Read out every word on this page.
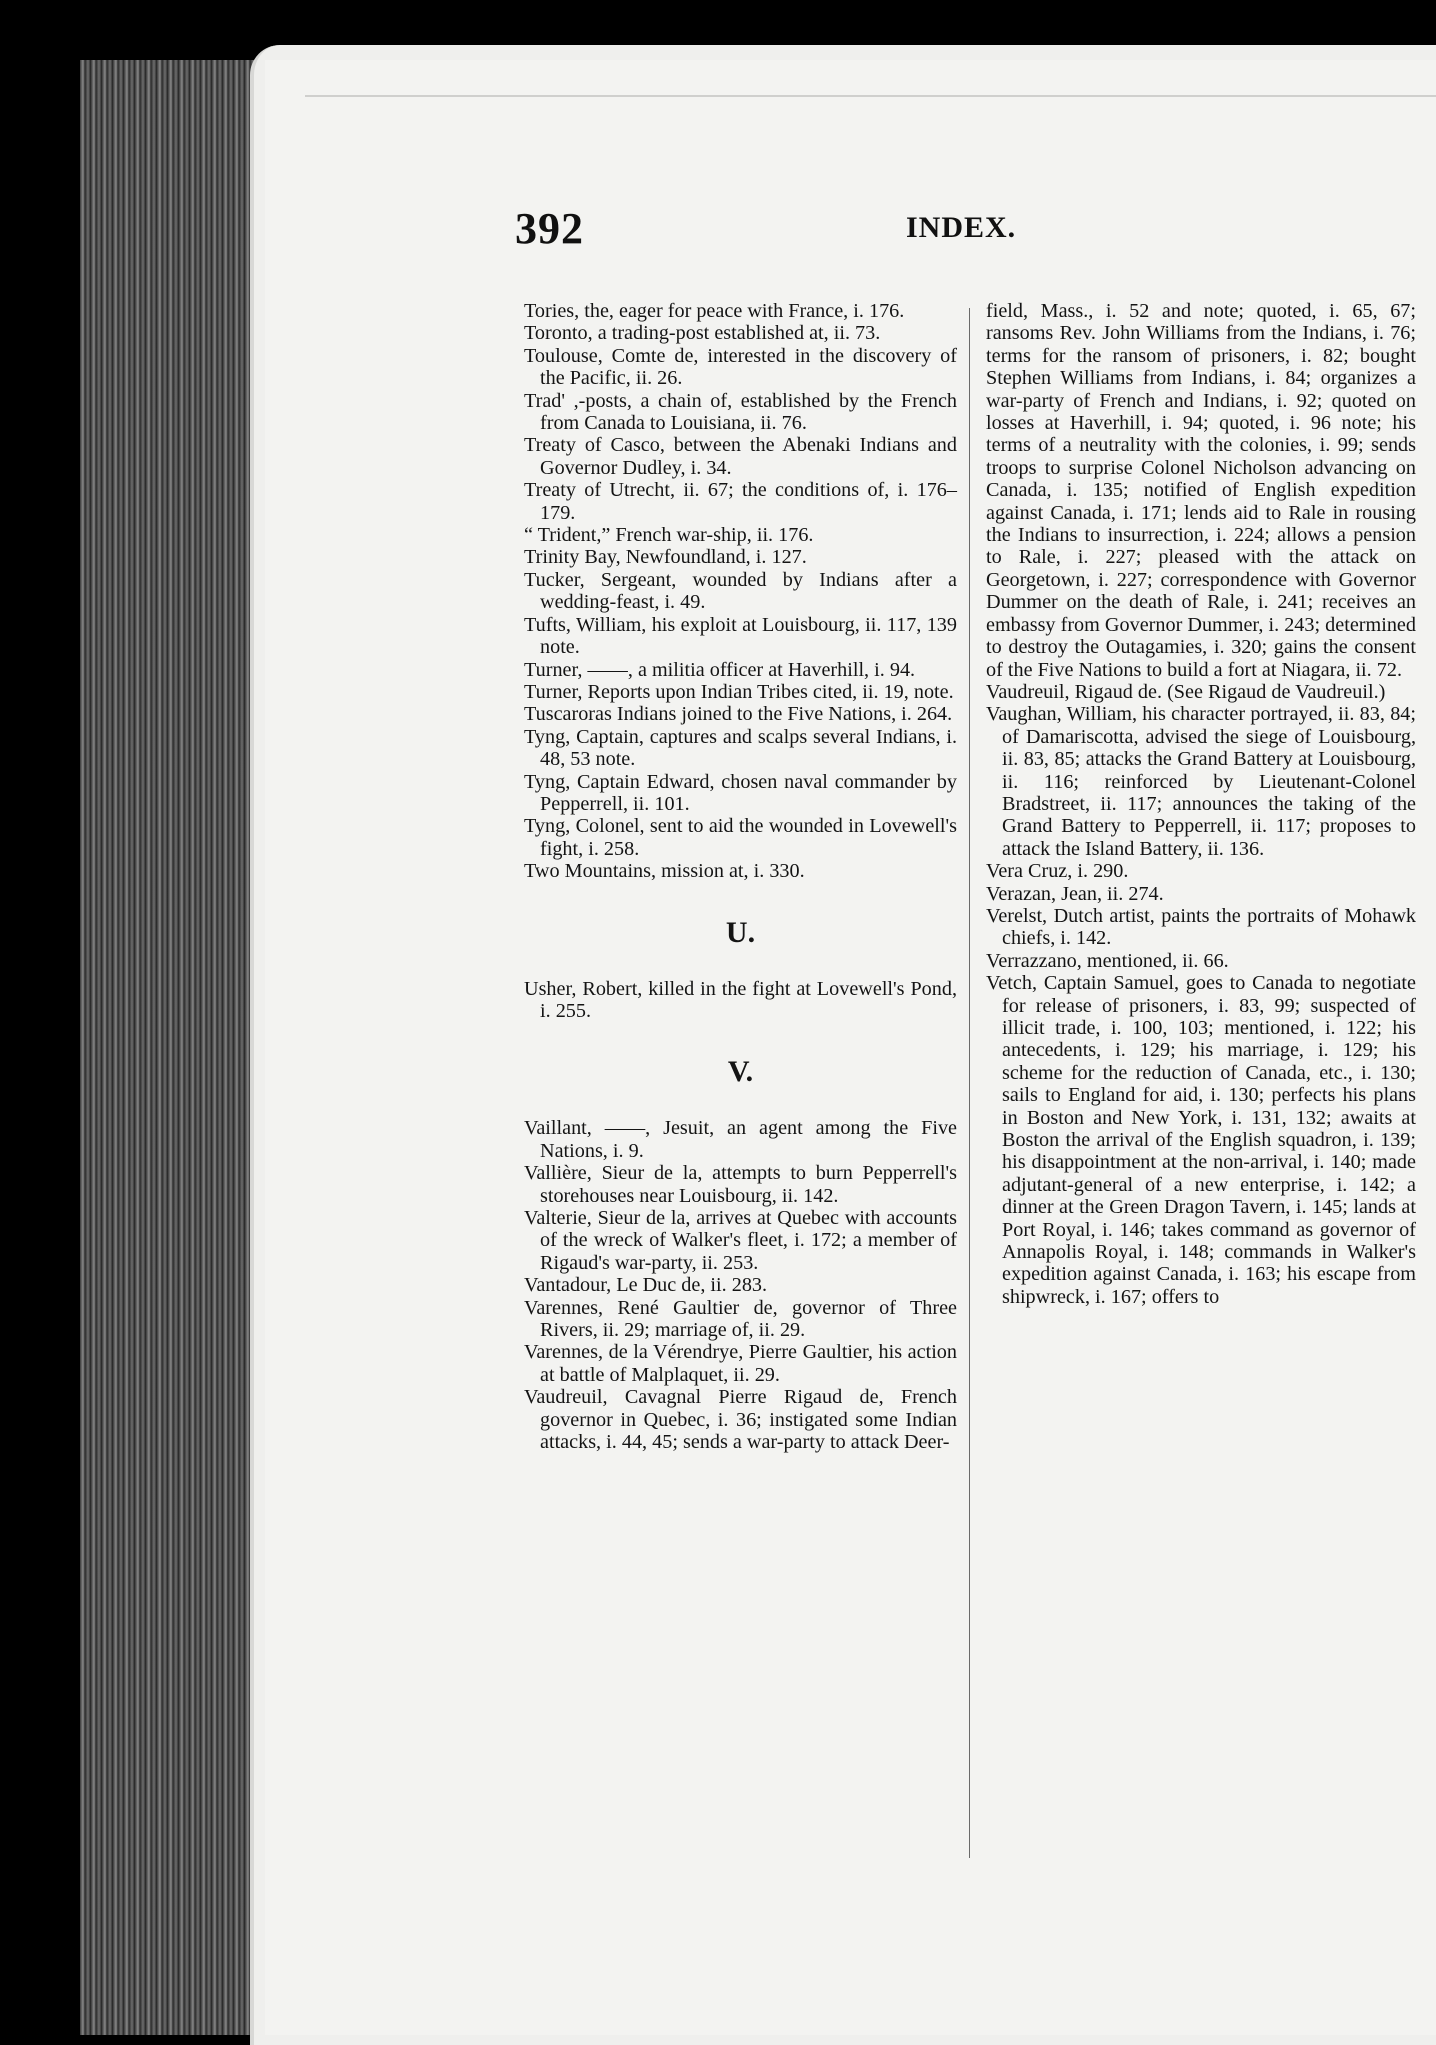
392	INDEX.

Tories, the, eager for peace with France, i. 176.

Toronto, a trading-post established at, ii. 73.

Toulouse, Comte de, interested in the discovery of the Pacific, ii. 26.

Trad' ,-posts, a chain of, established by the French from Canada to Louisiana, ii. 76.

Treaty of Casco, between the Abenaki Indians and Governor Dudley, i. 34.

Treaty of Utrecht, ii. 67; the conditions of, i. 176–179.

“ Trident,” French war-ship, ii. 176.

Trinity Bay, Newfoundland, i. 127.

Tucker, Sergeant, wounded by Indians after a wedding-feast, i. 49.

Tufts, William, his exploit at Louisbourg, ii. 117, 139 note.

Turner, ——, a militia officer at Haverhill, i. 94.

Turner, Reports upon Indian Tribes cited, ii. 19, note.

Tuscaroras Indians joined to the Five Nations, i. 264.

Tyng, Captain, captures and scalps several Indians, i. 48, 53 note.

Tyng, Captain Edward, chosen naval commander by Pepperrell, ii. 101.

Tyng, Colonel, sent to aid the wounded in Lovewell's fight, i. 258.

Two Mountains, mission at, i. 330.

U.

Usher, Robert, killed in the fight at Lovewell's Pond, i. 255.

V.

Vaillant, ——, Jesuit, an agent among the Five Nations, i. 9.

Vallière, Sieur de la, attempts to burn Pepperrell's storehouses near Louisbourg, ii. 142.

Valterie, Sieur de la, arrives at Quebec with accounts of the wreck of Walker's fleet, i. 172; a member of Rigaud's war-party, ii. 253.

Vantadour, Le Duc de, ii. 283.

Varennes, René Gaultier de, governor of Three Rivers, ii. 29; marriage of, ii. 29.

Varennes, de la Vérendrye, Pierre Gaultier, his action at battle of Malplaquet, ii. 29.

Vaudreuil, Cavagnal Pierre Rigaud de, French governor in Quebec, i. 36; instigated some Indian attacks, i. 44, 45; sends a war-party to attack Deer-

field, Mass., i. 52 and note; quoted, i. 65, 67; ransoms Rev. John Williams from the Indians, i. 76; terms for the ransom of prisoners, i. 82; bought Stephen Williams from Indians, i. 84; organizes a war-party of French and Indians, i. 92; quoted on losses at Haverhill, i. 94; quoted, i. 96 note; his terms of a neutrality with the colonies, i. 99; sends troops to surprise Colonel Nicholson advancing on Canada, i. 135; notified of English expedition against Canada, i. 171; lends aid to Rale in rousing the Indians to insurrection, i. 224; allows a pension to Rale, i. 227; pleased with the attack on Georgetown, i. 227; correspondence with Governor Dummer on the death of Rale, i. 241; receives an embassy from Governor Dummer, i. 243; determined to destroy the Outagamies, i. 320; gains the consent of the Five Nations to build a fort at Niagara, ii. 72.

Vaudreuil, Rigaud de. (See Rigaud de Vaudreuil.)

Vaughan, William, his character portrayed, ii. 83, 84; of Damariscotta, advised the siege of Louisbourg, ii. 83, 85; attacks the Grand Battery at Louisbourg, ii. 116; reinforced by Lieutenant-Colonel Bradstreet, ii. 117; announces the taking of the Grand Battery to Pepperrell, ii. 117; proposes to attack the Island Battery, ii. 136.

Vera Cruz, i. 290.

Verazan, Jean, ii. 274.

Verelst, Dutch artist, paints the portraits of Mohawk chiefs, i. 142.

Verrazzano, mentioned, ii. 66.

Vetch, Captain Samuel, goes to Canada to negotiate for release of prisoners, i. 83, 99; suspected of illicit trade, i. 100, 103; mentioned, i. 122; his antecedents, i. 129; his marriage, i. 129; his scheme for the reduction of Canada, etc., i. 130; sails to England for aid, i. 130; perfects his plans in Boston and New York, i. 131, 132; awaits at Boston the arrival of the English squadron, i. 139; his disappointment at the non-arrival, i. 140; made adjutant-general of a new enterprise, i. 142; a dinner at the Green Dragon Tavern, i. 145; lands at Port Royal, i. 146; takes command as governor of Annapolis Royal, i. 148; commands in Walker's expedition against Canada, i. 163; his escape from shipwreck, i. 167; offers to
